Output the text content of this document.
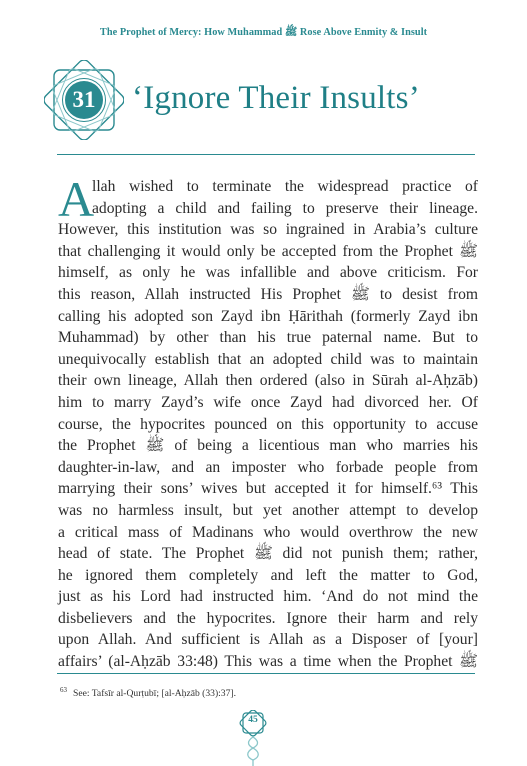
The Prophet of Mercy: How Muhammad ﷺ Rose Above Enmity & Insult
31	‘Ignore Their Insults’
A
llah wished to terminate the widespread practice of
adopting a child and failing to preserve their lineage.
However, this institution was so ingrained in Arabia’s culture
that challenging it would only be accepted from the Prophet ﷺ
himself, as only he was infallible and above criticism. For
this reason, Allah instructed His Prophet ﷺ to desist from
calling his adopted son Zayd ibn Ḥārithah (formerly Zayd ibn
Muhammad) by other than his true paternal name. But to
unequivocally establish that an adopted child was to maintain
their own lineage, Allah then ordered (also in Sūrah al-Aḥzāb)
him to marry Zayd’s wife once Zayd had divorced her. Of
course, the hypocrites pounced on this opportunity to accuse
the Prophet ﷺ of being a licentious man who marries his
daughter-in-law, and an imposter who forbade people from
marrying their sons’ wives but accepted it for himself.⁶³ This
was no harmless insult, but yet another attempt to develop
a critical mass of Madinans who would overthrow the new
head of state. The Prophet ﷺ did not punish them; rather,
he ignored them completely and left the matter to God,
just as his Lord had instructed him. ‘And do not mind the
disbelievers and the hypocrites. Ignore their harm and rely
upon Allah. And sufficient is Allah as a Disposer of [your]
affairs’ (al-Aḥzāb 33:48) This was a time when the Prophet ﷺ
$^{63}$ See: Tafsīr al-Qurṭubī; [al-Aḥzāb (33):37].
45
